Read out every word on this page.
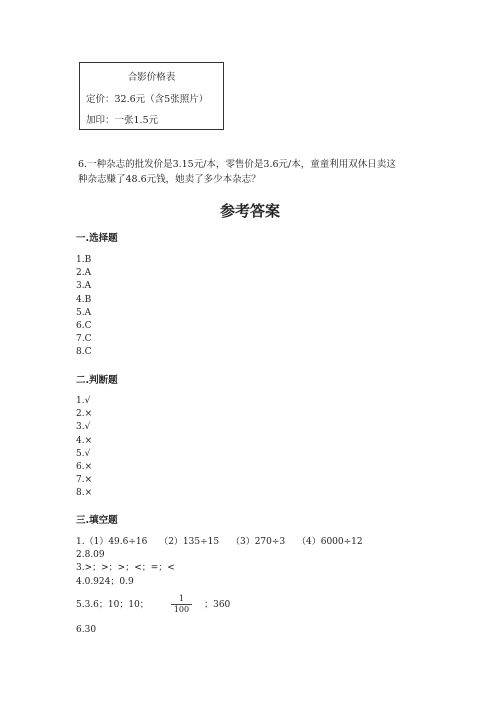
合影价格表
定价：32.6元（含5张照片）
加印：一张1.5元
6.一种杂志的批发价是3.15元/本，零售价是3.6元/本，童童利用双休日卖这
种杂志赚了48.6元钱，她卖了多少本杂志？
参考答案
一.选择题
1.B
2.A
3.A
4.B
5.A
6.C
7.C
8.C
二.判断题
1.√
2.×
3.√
4.×
5.√
6.×
7.×
8.×
三.填空题
1.（1）49.6÷16　 （2）135÷15　 （3）270÷3　 （4）6000÷12
2.8.09
3.>；>；>；<；=；<
4.0.924；0.9
5.3.6；10；10；	$\frac{1}{100}$ ；360
6.30
